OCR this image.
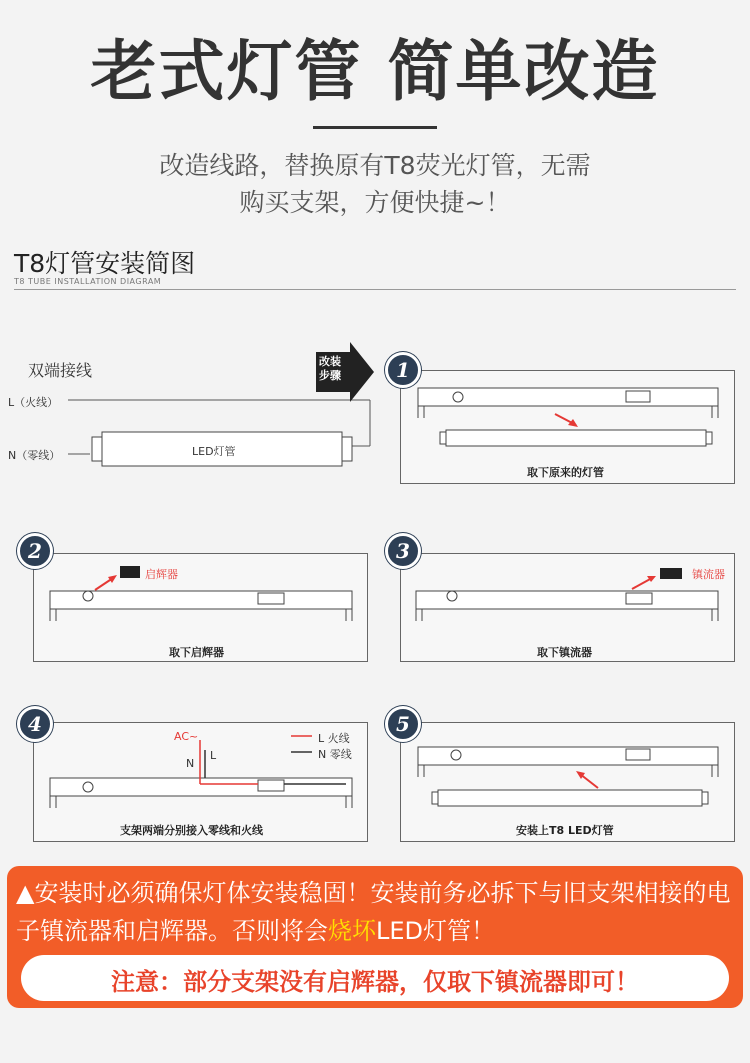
老式灯管 简单改造
改造线路，替换原有T8荧光灯管，无需
购买支架，方便快捷~！
T8灯管安装简图
T8 TUBE INSTALLATION DIAGRAM
双端接线
L（火线）
N（零线）	LED灯管
改装
步骤	1
2	3
4	5
启辉器	镇流器
AC~
N
L
L 火线
N 零线
取下原来的灯管
取下启辉器	取下镇流器
支架两端分别接入零线和火线	安装上T8 LED灯管
▲安装时必须确保灯体安装稳固！安装前务必拆下与旧支架相接的电子镇流器和启辉器。否则将会烧坏LED灯管！
注意：部分支架没有启辉器，仅取下镇流器即可！
